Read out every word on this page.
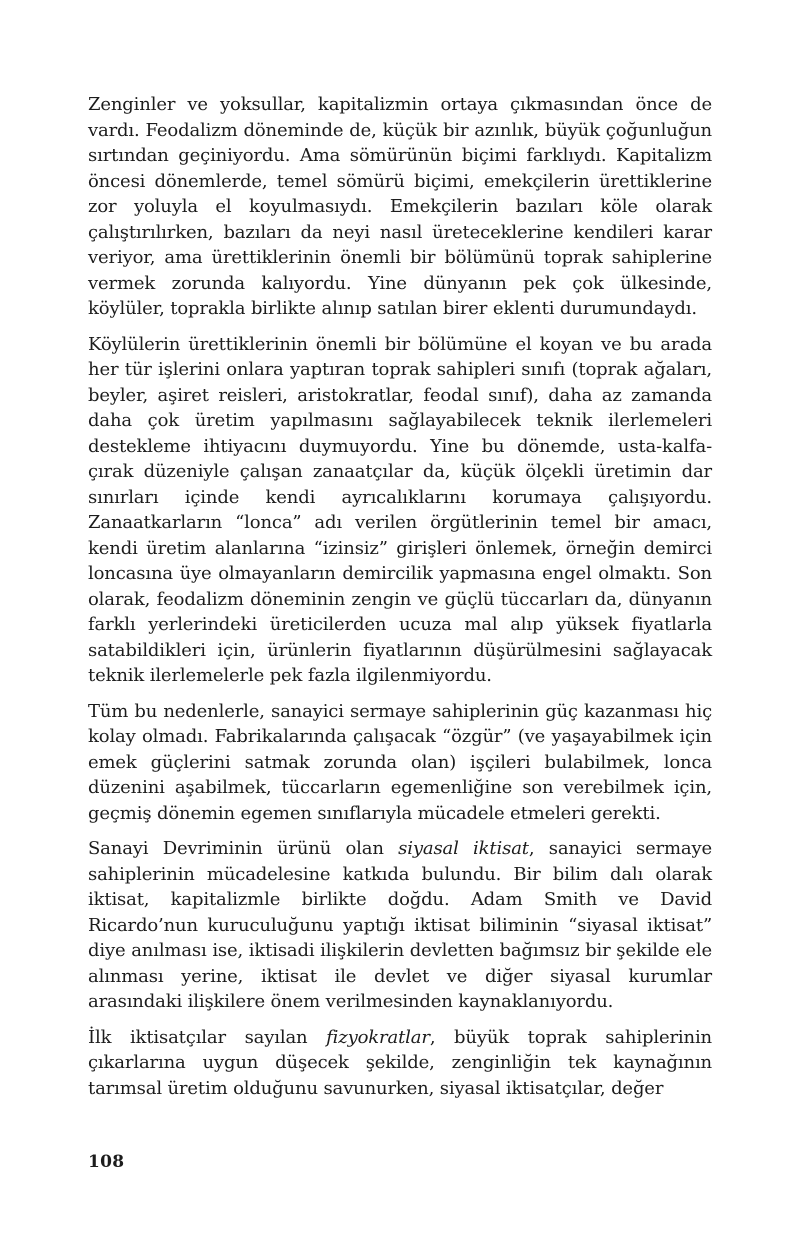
Zenginler ve yoksullar, kapitalizmin ortaya çıkmasından önce de vardı. Feodalizm döneminde de, küçük bir azınlık, büyük çoğunluğun sırtından geçiniyordu. Ama sömürünün biçimi farklıydı. Kapitalizm öncesi dönemlerde, temel sömürü biçimi, emekçilerin ürettiklerine zor yoluyla el koyulmasıydı. Emekçilerin bazıları köle olarak çalıştırılırken, bazıları da neyi nasıl üreteceklerine kendileri karar veriyor, ama ürettiklerinin önemli bir bölümünü toprak sahiplerine vermek zorunda kalıyordu. Yine dünyanın pek çok ülkesinde, köylüler, toprakla birlikte alınıp satılan birer eklenti durumundaydı.

Köylülerin ürettiklerinin önemli bir bölümüne el koyan ve bu arada her tür işlerini onlara yaptıran toprak sahipleri sınıfı (toprak ağaları, beyler, aşiret reisleri, aristokratlar, feodal sınıf), daha az zamanda daha çok üretim yapılmasını sağlayabilecek teknik ilerlemeleri destekleme ihtiyacını duymuyordu. Yine bu dönemde, usta-kalfa-çırak düzeniyle çalışan zanaatçılar da, küçük ölçekli üretimin dar sınırları içinde kendi ayrıcalıklarını korumaya çalışıyordu. Zanaatkarların “lonca” adı verilen örgütlerinin temel bir amacı, kendi üretim alanlarına “izinsiz” girişleri önlemek, örneğin demirci loncasına üye olmayanların demircilik yapmasına engel olmaktı. Son olarak, feodalizm döneminin zengin ve güçlü tüccarları da, dünyanın farklı yerlerindeki üreticilerden ucuza mal alıp yüksek fiyatlarla satabildikleri için, ürünlerin fiyatlarının düşürülmesini sağlayacak teknik ilerlemelerle pek fazla ilgilenmiyordu.

Tüm bu nedenlerle, sanayici sermaye sahiplerinin güç kazanması hiç kolay olmadı. Fabrikalarında çalışacak “özgür” (ve yaşayabilmek için emek güçlerini satmak zorunda olan) işçileri bulabilmek, lonca düzenini aşabilmek, tüccarların egemenliğine son verebilmek için, geçmiş dönemin egemen sınıflarıyla mücadele etmeleri gerekti.

Sanayi Devriminin ürünü olan siyasal iktisat, sanayici sermaye sahiplerinin mücadelesine katkıda bulundu. Bir bilim dalı olarak iktisat, kapitalizmle birlikte doğdu. Adam Smith ve David Ricardo’nun kuruculuğunu yaptığı iktisat biliminin “siyasal iktisat” diye anılması ise, iktisadi ilişkilerin devletten bağımsız bir şekilde ele alınması yerine, iktisat ile devlet ve diğer siyasal kurumlar arasındaki ilişkilere önem verilmesinden kaynaklanıyordu.

İlk iktisatçılar sayılan fizyokratlar, büyük toprak sahiplerinin çıkarlarına uygun düşecek şekilde, zenginliğin tek kaynağının tarımsal üretim olduğunu savunurken, siyasal iktisatçılar, değer

108
